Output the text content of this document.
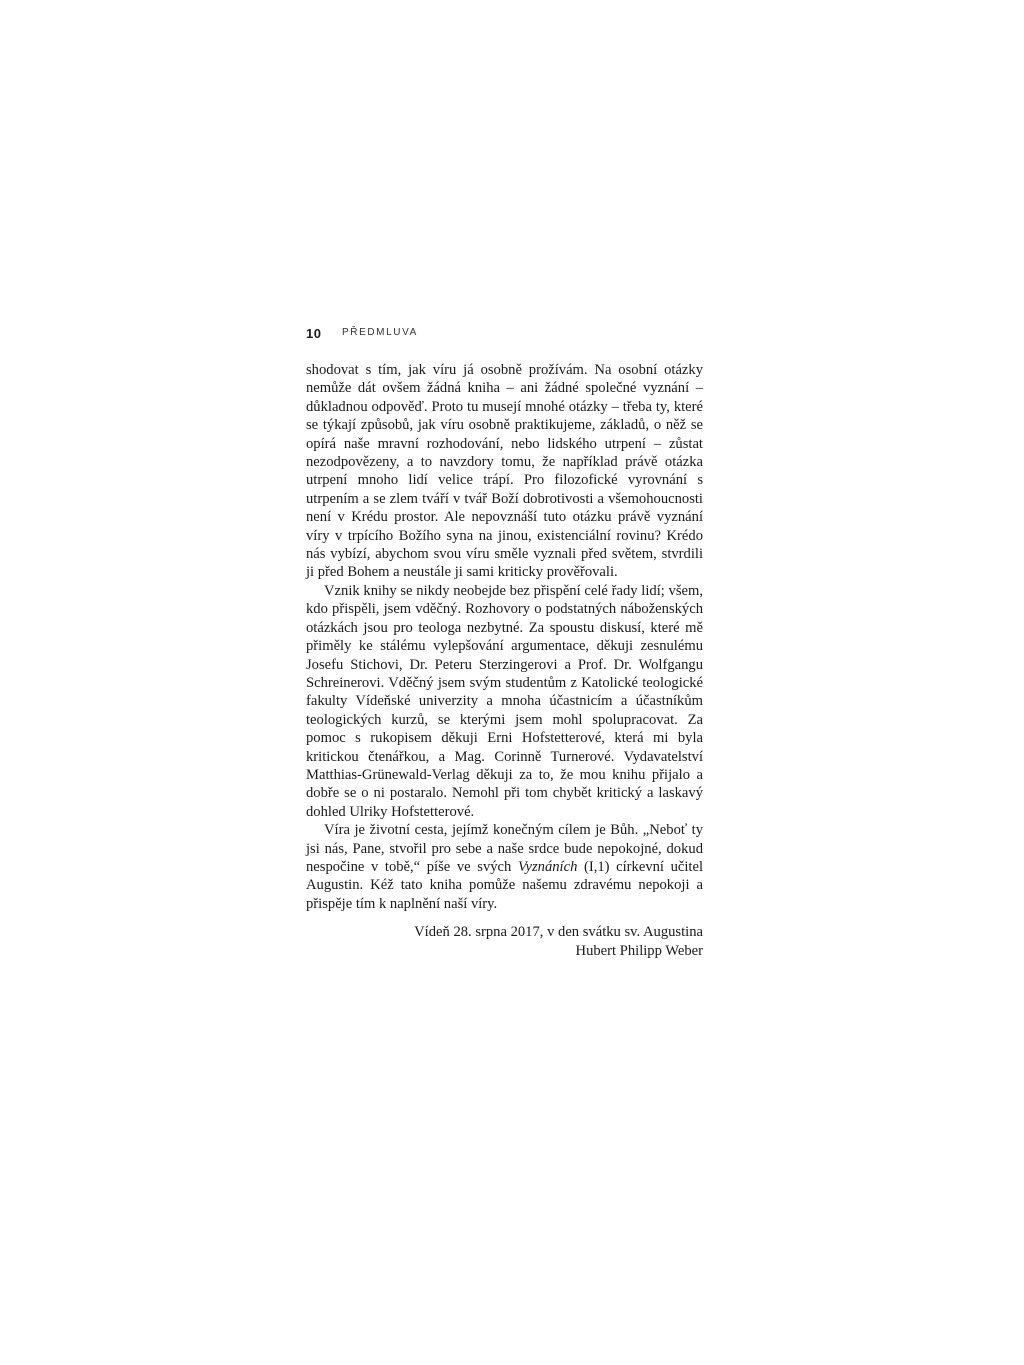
10 PŘEDMLUVA

shodovat s tím, jak víru já osobně prožívám. Na osobní otázky nemůže dát ovšem žádná kniha – ani žádné společné vyznání – důkladnou odpověď. Proto tu musejí mnohé otázky – třeba ty, které se týkají způsobů, jak víru osobně praktikujeme, základů, o něž se opírá naše mravní rozhodování, nebo lidského utrpení – zůstat nezodpovězeny, a to navzdory tomu, že například právě otázka utrpení mnoho lidí velice trápí. Pro filozofické vyrovnání s utrpením a se zlem tváří v tvář Boží dobrotivosti a všemohoucnosti není v Krédu prostor. Ale nepovznáší tuto otázku právě vyznání víry v trpícího Božího syna na jinou, existenciální rovinu? Krédo nás vybízí, abychom svou víru směle vyznali před světem, stvrdili ji před Bohem a neustále ji sami kriticky prověřovali.

Vznik knihy se nikdy neobejde bez přispění celé řady lidí; všem, kdo přispěli, jsem vděčný. Rozhovory o podstatných náboženských otázkách jsou pro teologa nezbytné. Za spoustu diskusí, které mě přiměly ke stálému vylepšování argumentace, děkuji zesnulému Josefu Stichovi, Dr. Peteru Sterzingerovi a Prof. Dr. Wolfgangu Schreinerovi. Vděčný jsem svým studentům z Katolické teologické fakulty Vídeňské univerzity a mnoha účastnicím a účastníkům teologických kurzů, se kterými jsem mohl spolupracovat. Za pomoc s rukopisem děkuji Erni Hofstetterové, která mi byla kritickou čtenářkou, a Mag. Corinně Turnerové. Vydavatelství Matthias-Grünewald-Verlag děkuji za to, že mou knihu přijalo a dobře se o ni postaralo. Nemohl při tom chybět kritický a laskavý dohled Ulriky Hofstetterové.

Víra je životní cesta, jejímž konečným cílem je Bůh. „Neboť ty jsi nás, Pane, stvořil pro sebe a naše srdce bude nepokojné, dokud nespočine v tobě,“ píše ve svých Vyznáních (I,1) církevní učitel Augustin. Kéž tato kniha pomůže našemu zdravému nepokoji a přispěje tím k naplnění naší víry.

Vídeň 28. srpna 2017, v den svátku sv. Augustina
Hubert Philipp Weber
